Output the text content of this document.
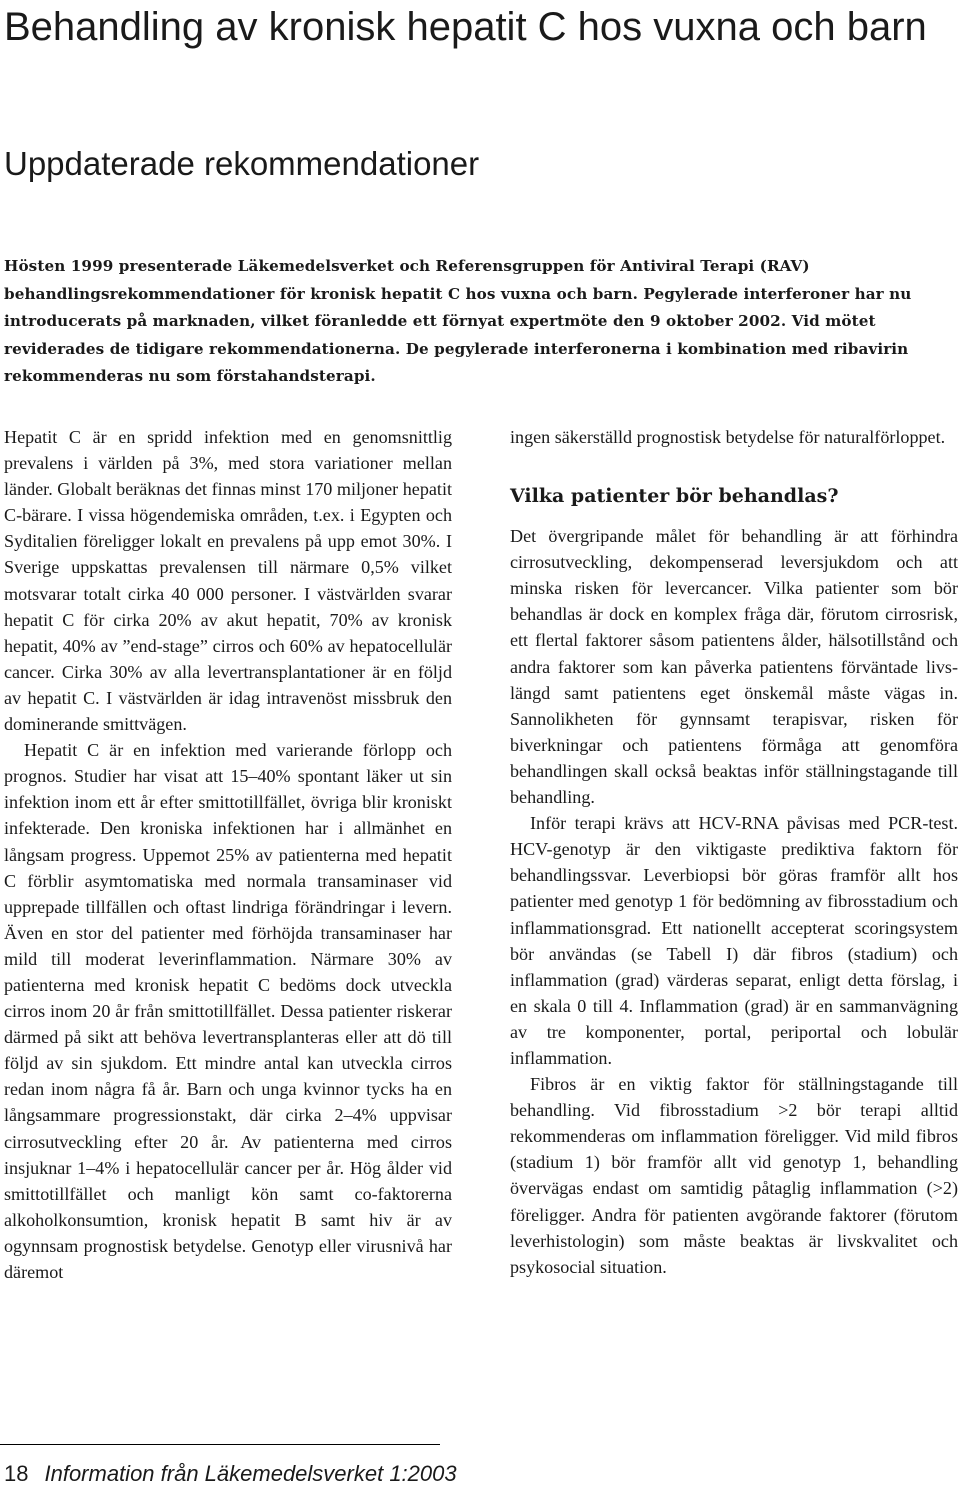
Behandling av kronisk hepatit C hos vuxna och barn
Uppdaterade rekommendationer

Hösten 1999 presenterade Läkemedelsverket och Referensgruppen för Antiviral Terapi (RAV) behandlingsrekommendationer för kronisk hepatit C hos vuxna och barn. Pegylerade interferoner har nu introducerats på marknaden, vilket föranledde ett förnyat expertmöte den 9 oktober 2002. Vid mötet reviderades de tidigare rekommendationerna. De pegylerade interferonerna i kombination med ribavirin rekommenderas nu som förstahandsterapi.

Hepatit C är en spridd infektion med en genomsnittlig prevalens i världen på 3%, med stora variationer mellan länder. Globalt beräknas det finnas minst 170 miljoner hepatit C-bärare. I vissa högendemiska områden, t.ex. i Egypten och Syditalien föreligger lokalt en prevalens på upp emot 30%. I Sverige uppskattas prevalensen till närmare 0,5% vilket motsvarar totalt cirka 40 000 personer. I västvärlden svarar hepatit C för cirka 20% av akut hepatit, 70% av kronisk hepatit, 40% av ”end-stage” cirros och 60% av hepatocellulär cancer. Cirka 30% av alla levertransplantationer är en följd av hepatit C. I västvärlden är idag intravenöst missbruk den dominerande smittvägen.

Hepatit C är en infektion med varierande förlopp och prognos. Studier har visat att 15–40% spontant läker ut sin infektion inom ett år efter smittotillfället, övriga blir kroniskt infekterade. Den kroniska infektionen har i allmänhet en långsam progress. Uppemot 25% av patienterna med hepatit C förblir asymtomatiska med normala transaminaser vid upprepade tillfällen och oftast lindriga förändringar i levern. Även en stor del patienter med förhöjda transaminaser har mild till moderat leverinflammation. Närmare 30% av patienterna med kronisk hepatit C bedöms dock utveckla cirros inom 20 år från smittotillfället. Dessa patienter riskerar därmed på sikt att behöva levertransplanteras eller att dö till följd av sin sjukdom. Ett mindre antal kan utveckla cirros redan inom några få år. Barn och unga kvinnor tycks ha en långsammare progressionstakt, där cirka 2–4% uppvisar cirrosutveckling efter 20 år. Av patienterna med cirros insjuknar 1–4% i hepatocellulär cancer per år. Hög ålder vid smittotillfället och manligt kön samt co-faktorerna alkoholkonsumtion, kronisk hepatit B samt hiv är av ogynnsam prognostisk betydelse. Genotyp eller virusnivå har däremot

ingen säkerställd prognostisk betydelse för naturalförloppet.

Vilka patienter bör behandlas?

Det övergripande målet för behandling är att förhindra cirrosutveckling, dekompenserad leversjukdom och att minska risken för levercancer. Vilka patienter som bör behandlas är dock en komplex fråga där, förutom cirrosrisk, ett flertal faktorer såsom patientens ålder, hälsotillstånd och andra faktorer som kan påverka patientens förväntade livslängd samt patientens eget önskemål måste vägas in. Sannolikheten för gynnsamt terapisvar, risken för biverkningar och patientens förmåga att genomföra behandlingen skall också beaktas inför ställningstagande till behandling.

Inför terapi krävs att HCV-RNA påvisas med PCR-test. HCV-genotyp är den viktigaste prediktiva faktorn för behandlingssvar. Leverbiopsi bör göras framför allt hos patienter med genotyp 1 för bedömning av fibrosstadium och inflammationsgrad. Ett nationellt accepterat scoringsystem bör användas (se Tabell I) där fibros (stadium) och inflammation (grad) värderas separat, enligt detta förslag, i en skala 0 till 4. Inflammation (grad) är en sammanvägning av tre komponenter, portal, periportal och lobulär inflammation.

Fibros är en viktig faktor för ställningstagande till behandling. Vid fibrosstadium >2 bör terapi alltid rekommenderas om inflammation föreligger. Vid mild fibros (stadium 1) bör framför allt vid genotyp 1, behandling övervägas endast om samtidig påtaglig inflammation (>2) föreligger. Andra för patienten avgörande faktorer (förutom leverhistologin) som måste beaktas är livskvalitet och psykosocial situation.

18 Information från Läkemedelsverket 1:2003
